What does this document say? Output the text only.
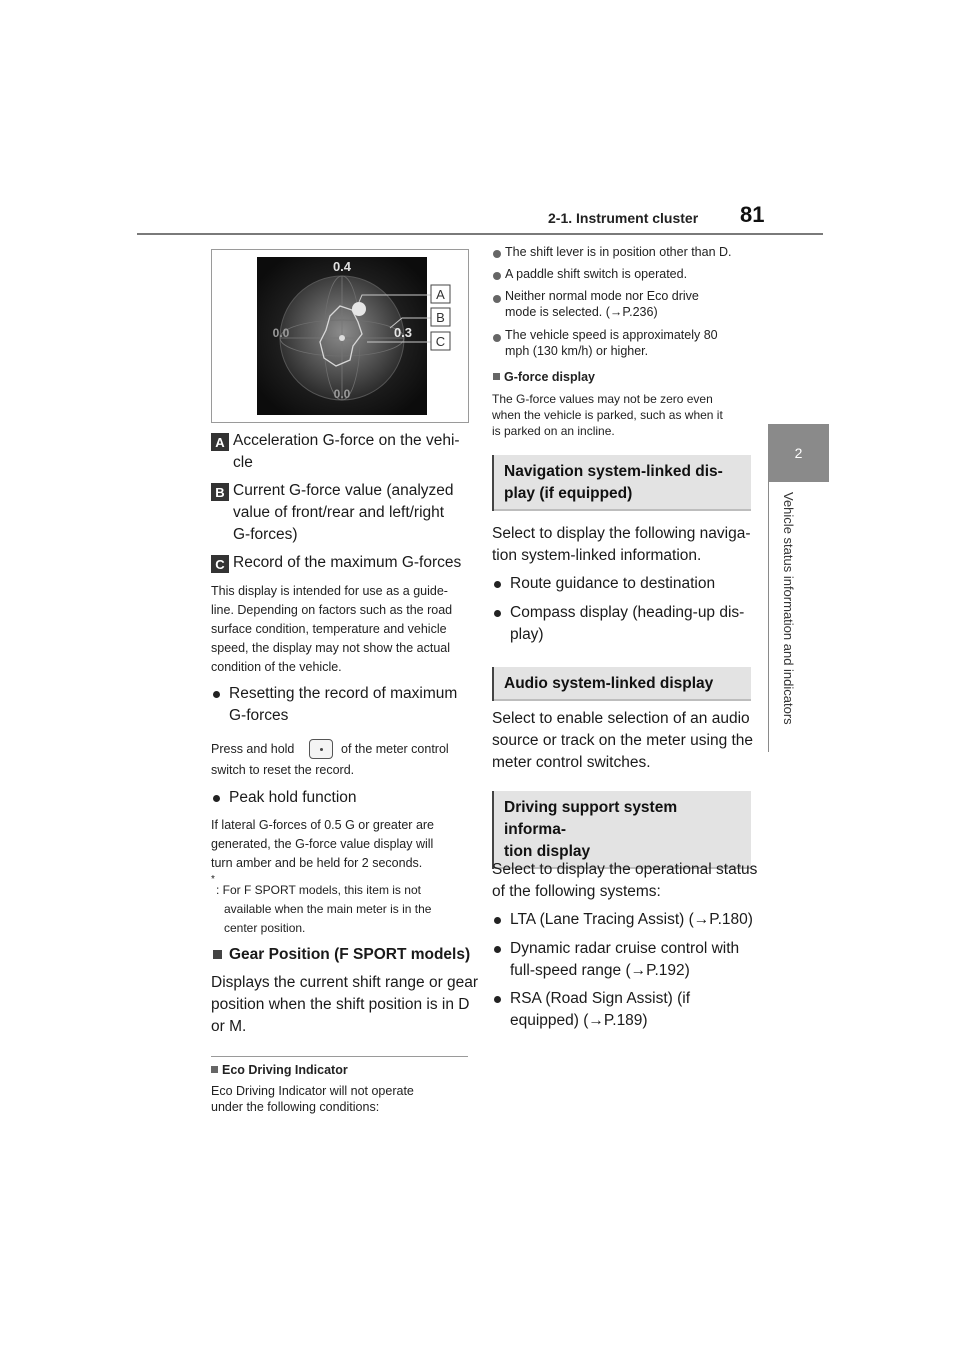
2-1. Instrument cluster 81
2
Vehicle status information and indicators
0.4
0.0	0.3
0.0
A
B
C
A Acceleration G-force on the vehi-
cle
B Current G-force value (analyzed
value of front/rear and left/right
G-forces)
C Record of the maximum G-forces
This display is intended for use as a guide-
line. Depending on factors such as the road
surface condition, temperature and vehicle
speed, the display may not show the actual
condition of the vehicle.
Resetting the record of maximum
G-forces
Press and hold	of the meter control
switch to reset the record.
Peak hold function
If lateral G-forces of 0.5 G or greater are
generated, the G-force value display will
turn amber and be held for 2 seconds.
*
: For F SPORT models, this item is not
available when the main meter is in the
center position.
Gear Position (F SPORT models)
Displays the current shift range or gear
position when the shift position is in D
or M.
Eco Driving Indicator
Eco Driving Indicator will not operate
under the following conditions:
The shift lever is in position other than D.
A paddle shift switch is operated.
Neither normal mode nor Eco drive
mode is selected. (→P.236)
The vehicle speed is approximately 80
mph (130 km/h) or higher.
G-force display
The G-force values may not be zero even
when the vehicle is parked, such as when it
is parked on an incline.
Navigation system-linked dis-
play (if equipped)
Select to display the following naviga-
tion system-linked information.
Route guidance to destination
Compass display (heading-up dis-
play)
Audio system-linked display
Select to enable selection of an audio
source or track on the meter using the
meter control switches.
Driving support system informa-
tion display
Select to display the operational status
of the following systems:
LTA (Lane Tracing Assist) (→P.180)
Dynamic radar cruise control with
full-speed range (→P.192)
RSA (Road Sign Assist) (if
equipped) (→P.189)
